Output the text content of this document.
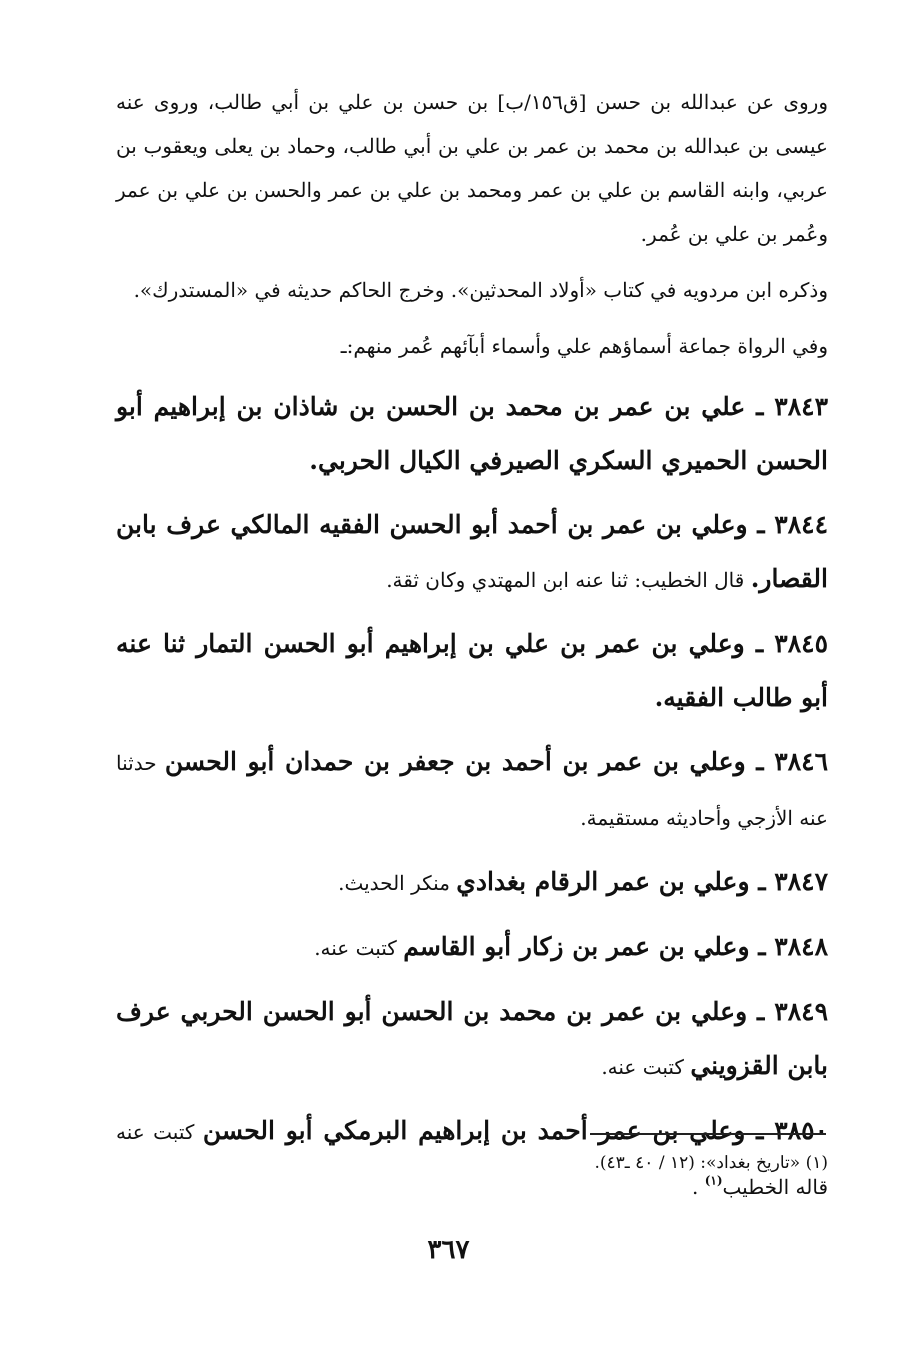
وروى عن عبدالله بن حسن [ق١٥٦/ب] بن حسن بن علي بن أبي طالب، وروى عنه عيسى بن عبدالله بن محمد بن عمر بن علي بن أبي طالب، وحماد بن يعلى ويعقوب بن عربي، وابنه القاسم بن علي بن عمر ومحمد بن علي بن عمر والحسن بن علي بن عمر وعُمر بن علي بن عُمر.

وذكره ابن مردويه في كتاب «أولاد المحدثين». وخرج الحاكم حديثه في «المستدرك».

وفي الرواة جماعة أسماؤهم علي وأسماء أبآئهم عُمر منهم:ـ

٣٨٤٣ ـ علي بن عمر بن محمد بن الحسن بن شاذان بن إبراهيم أبو الحسن الحميري السكري الصيرفي الكيال الحربي.

٣٨٤٤ ـ وعلي بن عمر بن أحمد أبو الحسن الفقيه المالكي عرف بابن القصار. قال الخطيب: ثنا عنه ابن المهتدي وكان ثقة.

٣٨٤٥ ـ وعلي بن عمر بن علي بن إبراهيم أبو الحسن التمار ثنا عنه أبو طالب الفقيه.

٣٨٤٦ ـ وعلي بن عمر بن أحمد بن جعفر بن حمدان أبو الحسن حدثنا عنه الأزجي وأحاديثه مستقيمة.

٣٨٤٧ ـ وعلي بن عمر الرقام بغدادي منكر الحديث.

٣٨٤٨ ـ وعلي بن عمر بن زكار أبو القاسم كتبت عنه.

٣٨٤٩ ـ وعلي بن عمر بن محمد بن الحسن أبو الحسن الحربي عرف بابن القزويني كتبت عنه.

٣٨٥٠ ـ وعلي بن عمر أحمد بن إبراهيم البرمكي أبو الحسن كتبت عنه قاله الخطيب$^{(١)}$ .

(١) «تاريخ بغداد»: (١٢ / ٤٠ ـ٤٣).
٣٦٧
